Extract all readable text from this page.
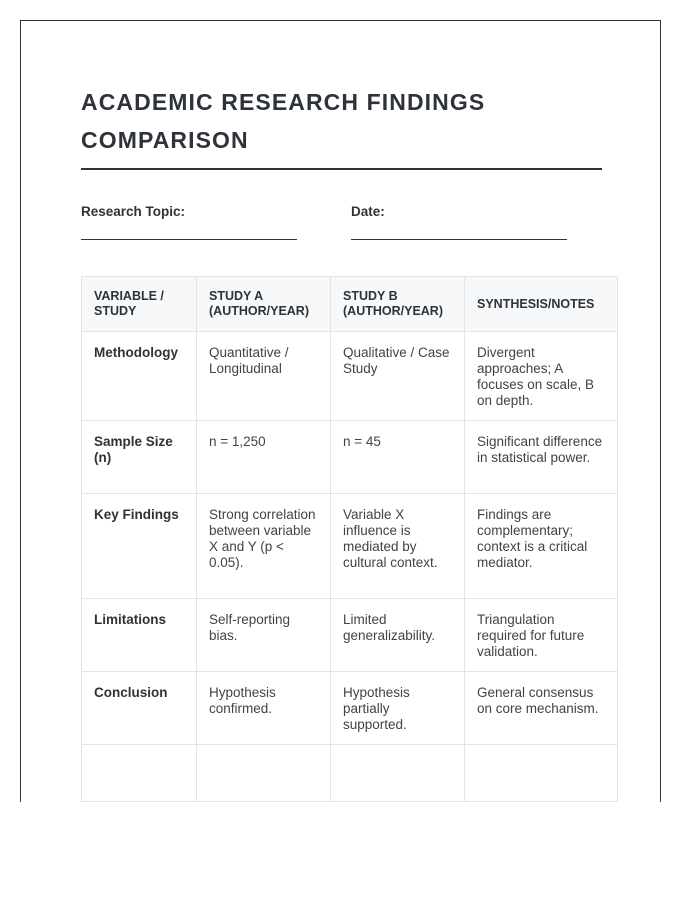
ACADEMIC RESEARCH FINDINGS COMPARISON
Research Topic:	Date:
VARIABLE / STUDY	STUDY A (AUTHOR/YEAR)	STUDY B (AUTHOR/YEAR)	SYNTHESIS/NOTES
Methodology	Quantitative / Longitudinal	Qualitative / Case Study	Divergent approaches; A focuses on scale, B on depth.
Sample Size (n)	n = 1,250	n = 45	Significant difference in statistical power.
Key Findings	Strong correlation between variable X and Y (p < 0.05).	Variable X influence is mediated by cultural context.	Findings are complementary; context is a critical mediator.
Limitations	Self-reporting bias.	Limited generalizability.	Triangulation required for future validation.
Conclusion	Hypothesis confirmed.	Hypothesis partially supported.	General consensus on core mechanism.
